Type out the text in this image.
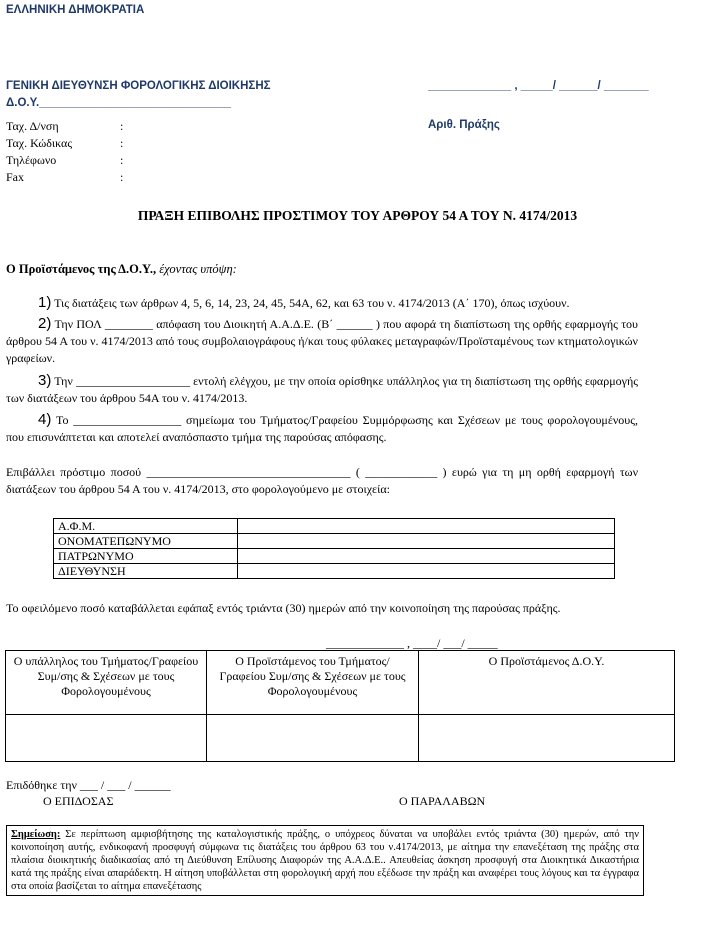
ΕΛΛΗΝΙΚΗ ΔΗΜΟΚΡΑΤΙΑ
ΓΕΝΙΚΗ ΔΙΕΥΘΥΝΣΗ ΦΟΡΟΛΟΓΙΚΗΣ ΔΙΟΙΚΗΣΗΣ
Δ.Ο.Υ.______________________________
_____________ , _____/ ______/ _______
Αριθ. Πράξης
Ταχ. Δ/νση	:
Ταχ. Κώδικας	:
Τηλέφωνο	:
Fax	:
ΠΡΑΞΗ ΕΠΙΒΟΛΗΣ ΠΡΟΣΤΙΜΟΥ ΤΟΥ ΑΡΘΡΟΥ 54 Α ΤΟΥ Ν. 4174/2013
Ο Προϊστάμενος της Δ.Ο.Υ., έχοντας υπόψη:
1) Τις διατάξεις των άρθρων 4, 5, 6, 14, 23, 24, 45, 54Α, 62, και 63 του ν. 4174/2013 (Α΄ 170), όπως ισχύουν.
2) Την ΠΟΛ ________ απόφαση του Διοικητή Α.Α.Δ.Ε. (Β΄ ______ ) που αφορά τη διαπίστωση της ορθής εφαρμογής του άρθρου 54 Α του ν. 4174/2013 από τους συμβολαιογράφους ή/και τους φύλακες μεταγραφών/Προϊσταμένους των κτηματολογικών γραφείων.
3) Την ___________________ εντολή ελέγχου, με την οποία ορίσθηκε υπάλληλος για τη διαπίστωση της ορθής εφαρμογής των διατάξεων του άρθρου 54Α του ν. 4174/2013.
4) Το __________________ σημείωμα του Τμήματος/Γραφείου Συμμόρφωσης και Σχέσεων με τους φορολογουμένους, που επισυνάπτεται και αποτελεί αναπόσπαστο τμήμα της παρούσας απόφασης.
Επιβάλλει πρόστιμο ποσού __________________________________ ( ____________ ) ευρώ για τη μη ορθή εφαρμογή των διατάξεων του άρθρου 54 Α του ν. 4174/2013, στο φορολογούμενο με στοιχεία:
Α.Φ.Μ.	
ΟΝΟΜΑΤΕΠΩΝΥΜΟ	
ΠΑΤΡΩΝΥΜΟ	
ΔΙΕΥΘΥΝΣΗ	
Το οφειλόμενο ποσό καταβάλλεται εφάπαξ εντός τριάντα (30) ημερών από την κοινοποίηση της παρούσας πράξης.
_____________ , ____/ ___/ _____
Ο υπάλληλος του Τμήματος/Γραφείου Συμ/σης & Σχέσεων με τους Φορολογουμένους	Ο Προϊστάμενος του Τμήματος/Γραφείου Συμ/σης & Σχέσεων με τους Φορολογουμένους	Ο Προϊστάμενος Δ.Ο.Υ.

Επιδόθηκε την ___ / ___ / ______
Ο ΕΠΙΔΟΣΑΣ	Ο ΠΑΡΑΛΑΒΩΝ
Σημείωση: Σε περίπτωση αμφισβήτησης της καταλογιστικής πράξης, ο υπόχρεος δύναται να υποβάλει εντός τριάντα (30) ημερών, από την κοινοποίηση αυτής, ενδικοφανή προσφυγή σύμφωνα τις διατάξεις του άρθρου 63 του ν.4174/2013, με αίτημα την επανεξέταση της πράξης στα πλαίσια διοικητικής διαδικασίας από τη Διεύθυνση Επίλυσης Διαφορών της Α.Α.Δ.Ε.. Απευθείας άσκηση προσφυγή στα Διοικητικά Δικαστήρια κατά της πράξης είναι απαράδεκτη. Η αίτηση υποβάλλεται στη φορολογική αρχή που εξέδωσε την πράξη και αναφέρει τους λόγους και τα έγγραφα στα οποία βασίζεται το αίτημα επανεξέτασης
